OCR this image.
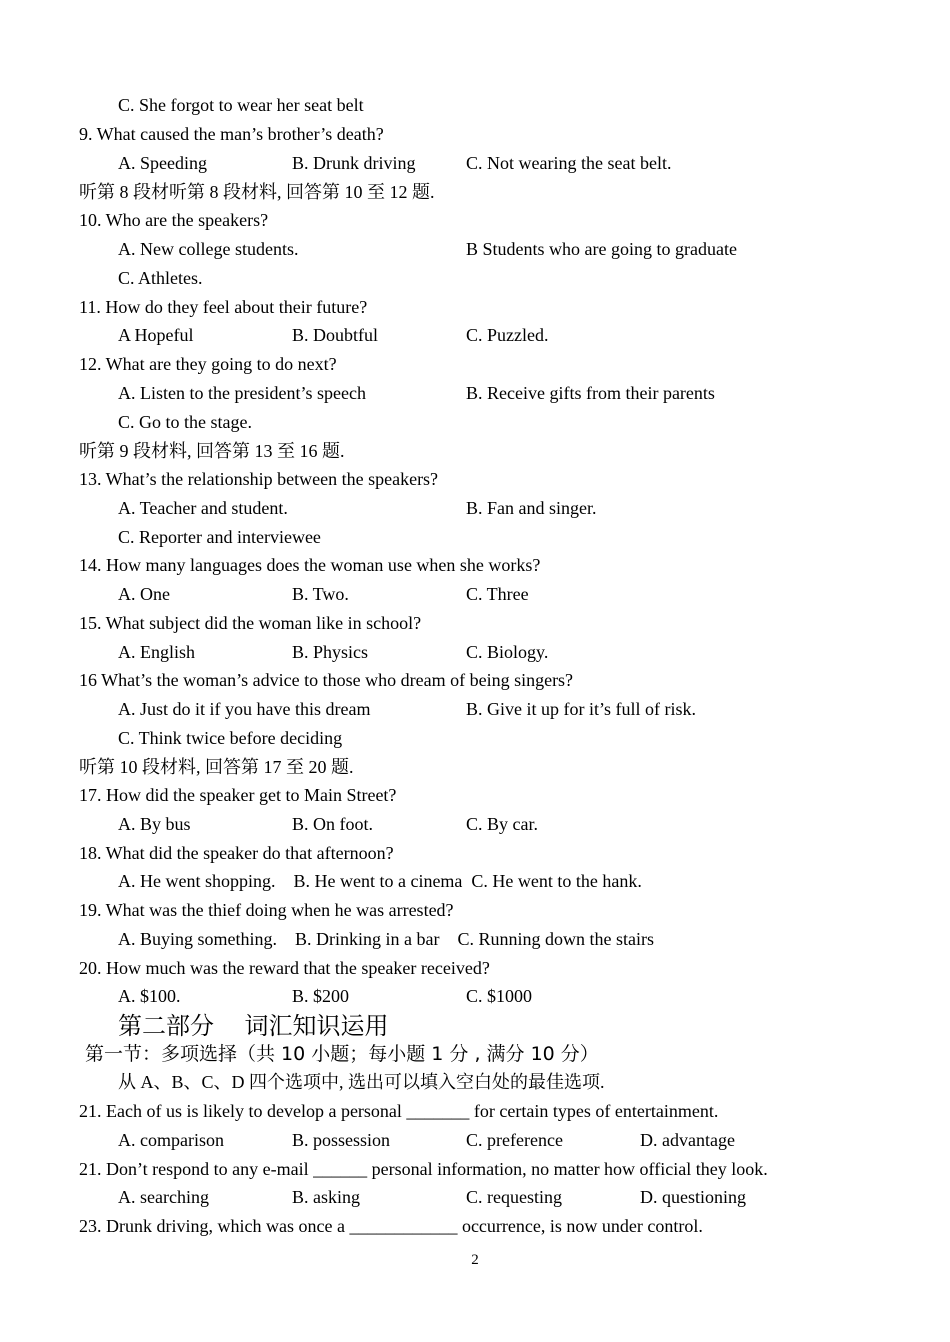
C. She forgot to wear her seat belt
9. What caused the man’s brother’s death?
A. Speeding	B. Drunk driving	C. Not wearing the seat belt.
听第 8 段材听第 8 段材料, 回答第 10 至 12 题.
10. Who are the speakers?
A. New college students.	B Students who are going to graduate
C. Athletes.
11. How do they feel about their future?
A Hopeful	B. Doubtful	C. Puzzled.
12. What are they going to do next?
A. Listen to the president’s speech	B. Receive gifts from their parents
C. Go to the stage.
听第 9 段材料, 回答第 13 至 16 题.
13. What’s the relationship between the speakers?
A. Teacher and student.	B. Fan and singer.
C. Reporter and interviewee
14. How many languages does the woman use when she works?
A. One	B. Two.	C. Three
15. What subject did the woman like in school?
A. English	B. Physics	C. Biology.
16 What’s the woman’s advice to those who dream of being singers?
A. Just do it if you have this dream	B. Give it up for it’s full of risk.
C. Think twice before deciding
听第 10 段材料, 回答第 17 至 20 题.
17. How did the speaker get to Main Street?
A. By bus	B. On foot.	C. By car.
18. What did the speaker do that afternoon?
A. He went shopping.    B. He went to a cinema  C. He went to the hank.
19. What was the thief doing when he was arrested?
A. Buying something.    B. Drinking in a bar    C. Running down the stairs
20. How much was the reward that the speaker received?
A. $100.	B. $200	C. $1000
第二部分    词汇知识运用
第一节：多项选择（共 10 小题；每小题 1 分 , 满分 10 分）
从 A、B、C、D 四个选项中, 选出可以填入空白处的最佳选项.
21. Each of us is likely to develop a personal _______ for certain types of entertainment.
A. comparison	B. possession	C. preference	D. advantage
21. Don’t respond to any e-mail ______ personal information, no matter how official they look.
A. searching	B. asking	C. requesting	D. questioning
23. Drunk driving, which was once a ____________ occurrence, is now under control.
2
